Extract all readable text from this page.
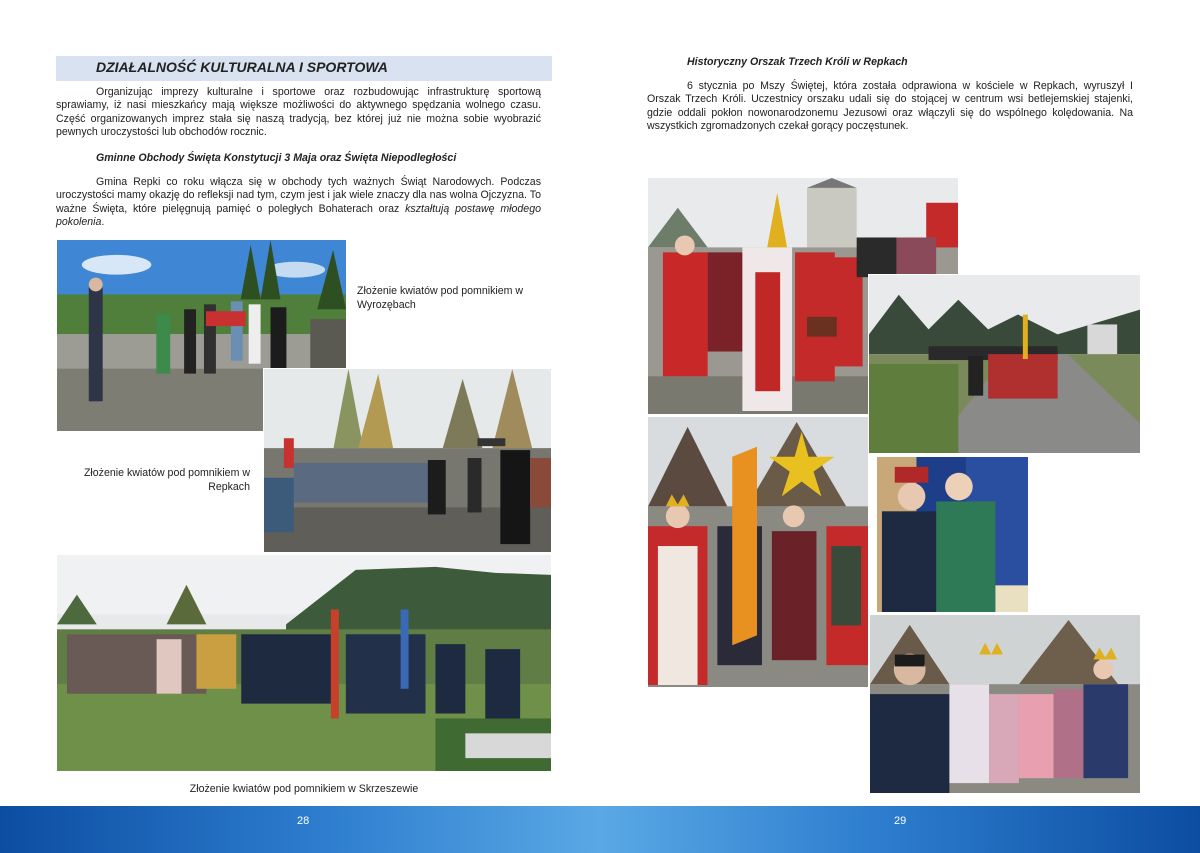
DZIAŁALNOŚĆ KULTURALNA I SPORTOWA
Organizując imprezy kulturalne i sportowe oraz rozbudowując infrastrukturę sportową sprawiamy, iż nasi mieszkańcy mają większe możliwości do aktywnego spędzania wolnego czasu. Część organizowanych imprez stała się naszą tradycją, bez której już nie można sobie wyobrazić pewnych uroczystości lub obchodów rocznic.
Gminne Obchody Święta Konstytucji 3 Maja oraz Święta Niepodległości
Gmina Repki co roku włącza się w obchody tych ważnych Świąt Narodowych. Podczas uroczystości mamy okazję do refleksji nad tym, czym jest i jak wiele znaczy dla nas wolna Ojczyzna. To ważne Święta, które pielęgnują pamięć o poległych Bohaterach oraz kształtują postawę młodego pokolenia.
Złożenie kwiatów pod pomnikiem w Wyrozębach
Złożenie kwiatów pod pomnikiem w Repkach
Złożenie kwiatów pod pomnikiem w Skrzeszewie
Historyczny Orszak Trzech Króli w Repkach
6 stycznia po Mszy Świętej, która została odprawiona w kościele w Repkach, wyruszył I Orszak Trzech Króli. Uczestnicy orszaku udali się do stojącej w centrum wsi betlejemskiej stajenki, gdzie oddali pokłon nowonarodzonemu Jezusowi oraz włączyli się do wspólnego kolędowania. Na wszystkich zgromadzonych czekał gorący poczęstunek.
28	29
